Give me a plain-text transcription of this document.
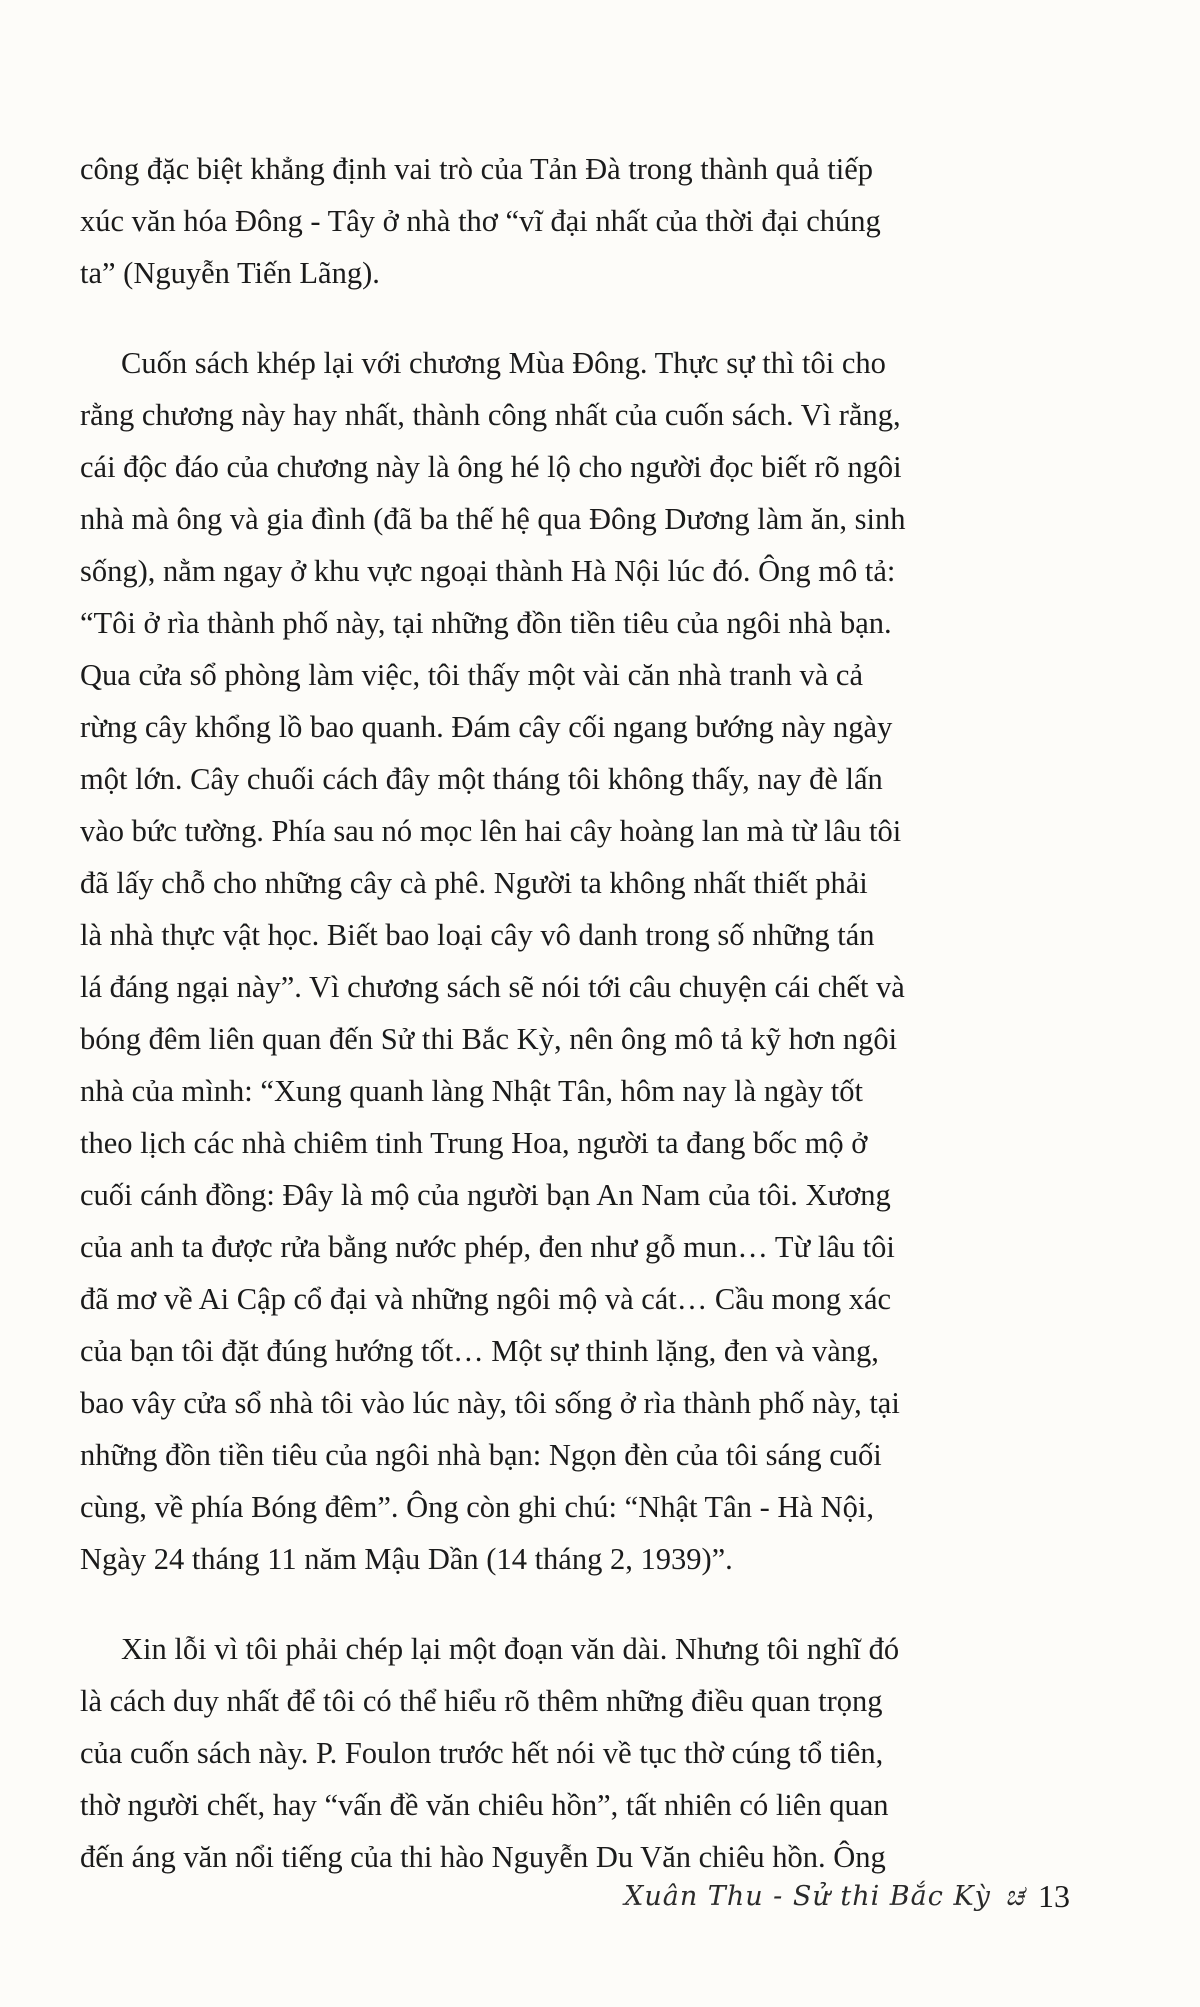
công đặc biệt khẳng định vai trò của Tản Đà trong thành quả tiếp
xúc văn hóa Đông - Tây ở nhà thơ “vĩ đại nhất của thời đại chúng
ta” (Nguyễn Tiến Lãng).
Cuốn sách khép lại với chương Mùa Đông. Thực sự thì tôi cho
rằng chương này hay nhất, thành công nhất của cuốn sách. Vì rằng,
cái độc đáo của chương này là ông hé lộ cho người đọc biết rõ ngôi
nhà mà ông và gia đình (đã ba thế hệ qua Đông Dương làm ăn, sinh
sống), nằm ngay ở khu vực ngoại thành Hà Nội lúc đó. Ông mô tả:
“Tôi ở rìa thành phố này, tại những đồn tiền tiêu của ngôi nhà bạn.
Qua cửa sổ phòng làm việc, tôi thấy một vài căn nhà tranh và cả
rừng cây khổng lồ bao quanh. Đám cây cối ngang bướng này ngày
một lớn. Cây chuối cách đây một tháng tôi không thấy, nay đè lấn
vào bức tường. Phía sau nó mọc lên hai cây hoàng lan mà từ lâu tôi
đã lấy chỗ cho những cây cà phê. Người ta không nhất thiết phải
là nhà thực vật học. Biết bao loại cây vô danh trong số những tán
lá đáng ngại này”. Vì chương sách sẽ nói tới câu chuyện cái chết và
bóng đêm liên quan đến Sử thi Bắc Kỳ, nên ông mô tả kỹ hơn ngôi
nhà của mình: “Xung quanh làng Nhật Tân, hôm nay là ngày tốt
theo lịch các nhà chiêm tinh Trung Hoa, người ta đang bốc mộ ở
cuối cánh đồng: Đây là mộ của người bạn An Nam của tôi. Xương
của anh ta được rửa bằng nước phép, đen như gỗ mun… Từ lâu tôi
đã mơ về Ai Cập cổ đại và những ngôi mộ và cát… Cầu mong xác
của bạn tôi đặt đúng hướng tốt… Một sự thinh lặng, đen và vàng,
bao vây cửa sổ nhà tôi vào lúc này, tôi sống ở rìa thành phố này, tại
những đồn tiền tiêu của ngôi nhà bạn: Ngọn đèn của tôi sáng cuối
cùng, về phía Bóng đêm”. Ông còn ghi chú: “Nhật Tân - Hà Nội,
Ngày 24 tháng 11 năm Mậu Dần (14 tháng 2, 1939)”.
Xin lỗi vì tôi phải chép lại một đoạn văn dài. Nhưng tôi nghĩ đó
là cách duy nhất để tôi có thể hiểu rõ thêm những điều quan trọng
của cuốn sách này. P. Foulon trước hết nói về tục thờ cúng tổ tiên,
thờ người chết, hay “vấn đề văn chiêu hồn”, tất nhiên có liên quan
đến áng văn nổi tiếng của thi hào Nguyễn Du Văn chiêu hồn. Ông
Xuân Thu - Sử thi Bắc Kỳ ಚ 13
